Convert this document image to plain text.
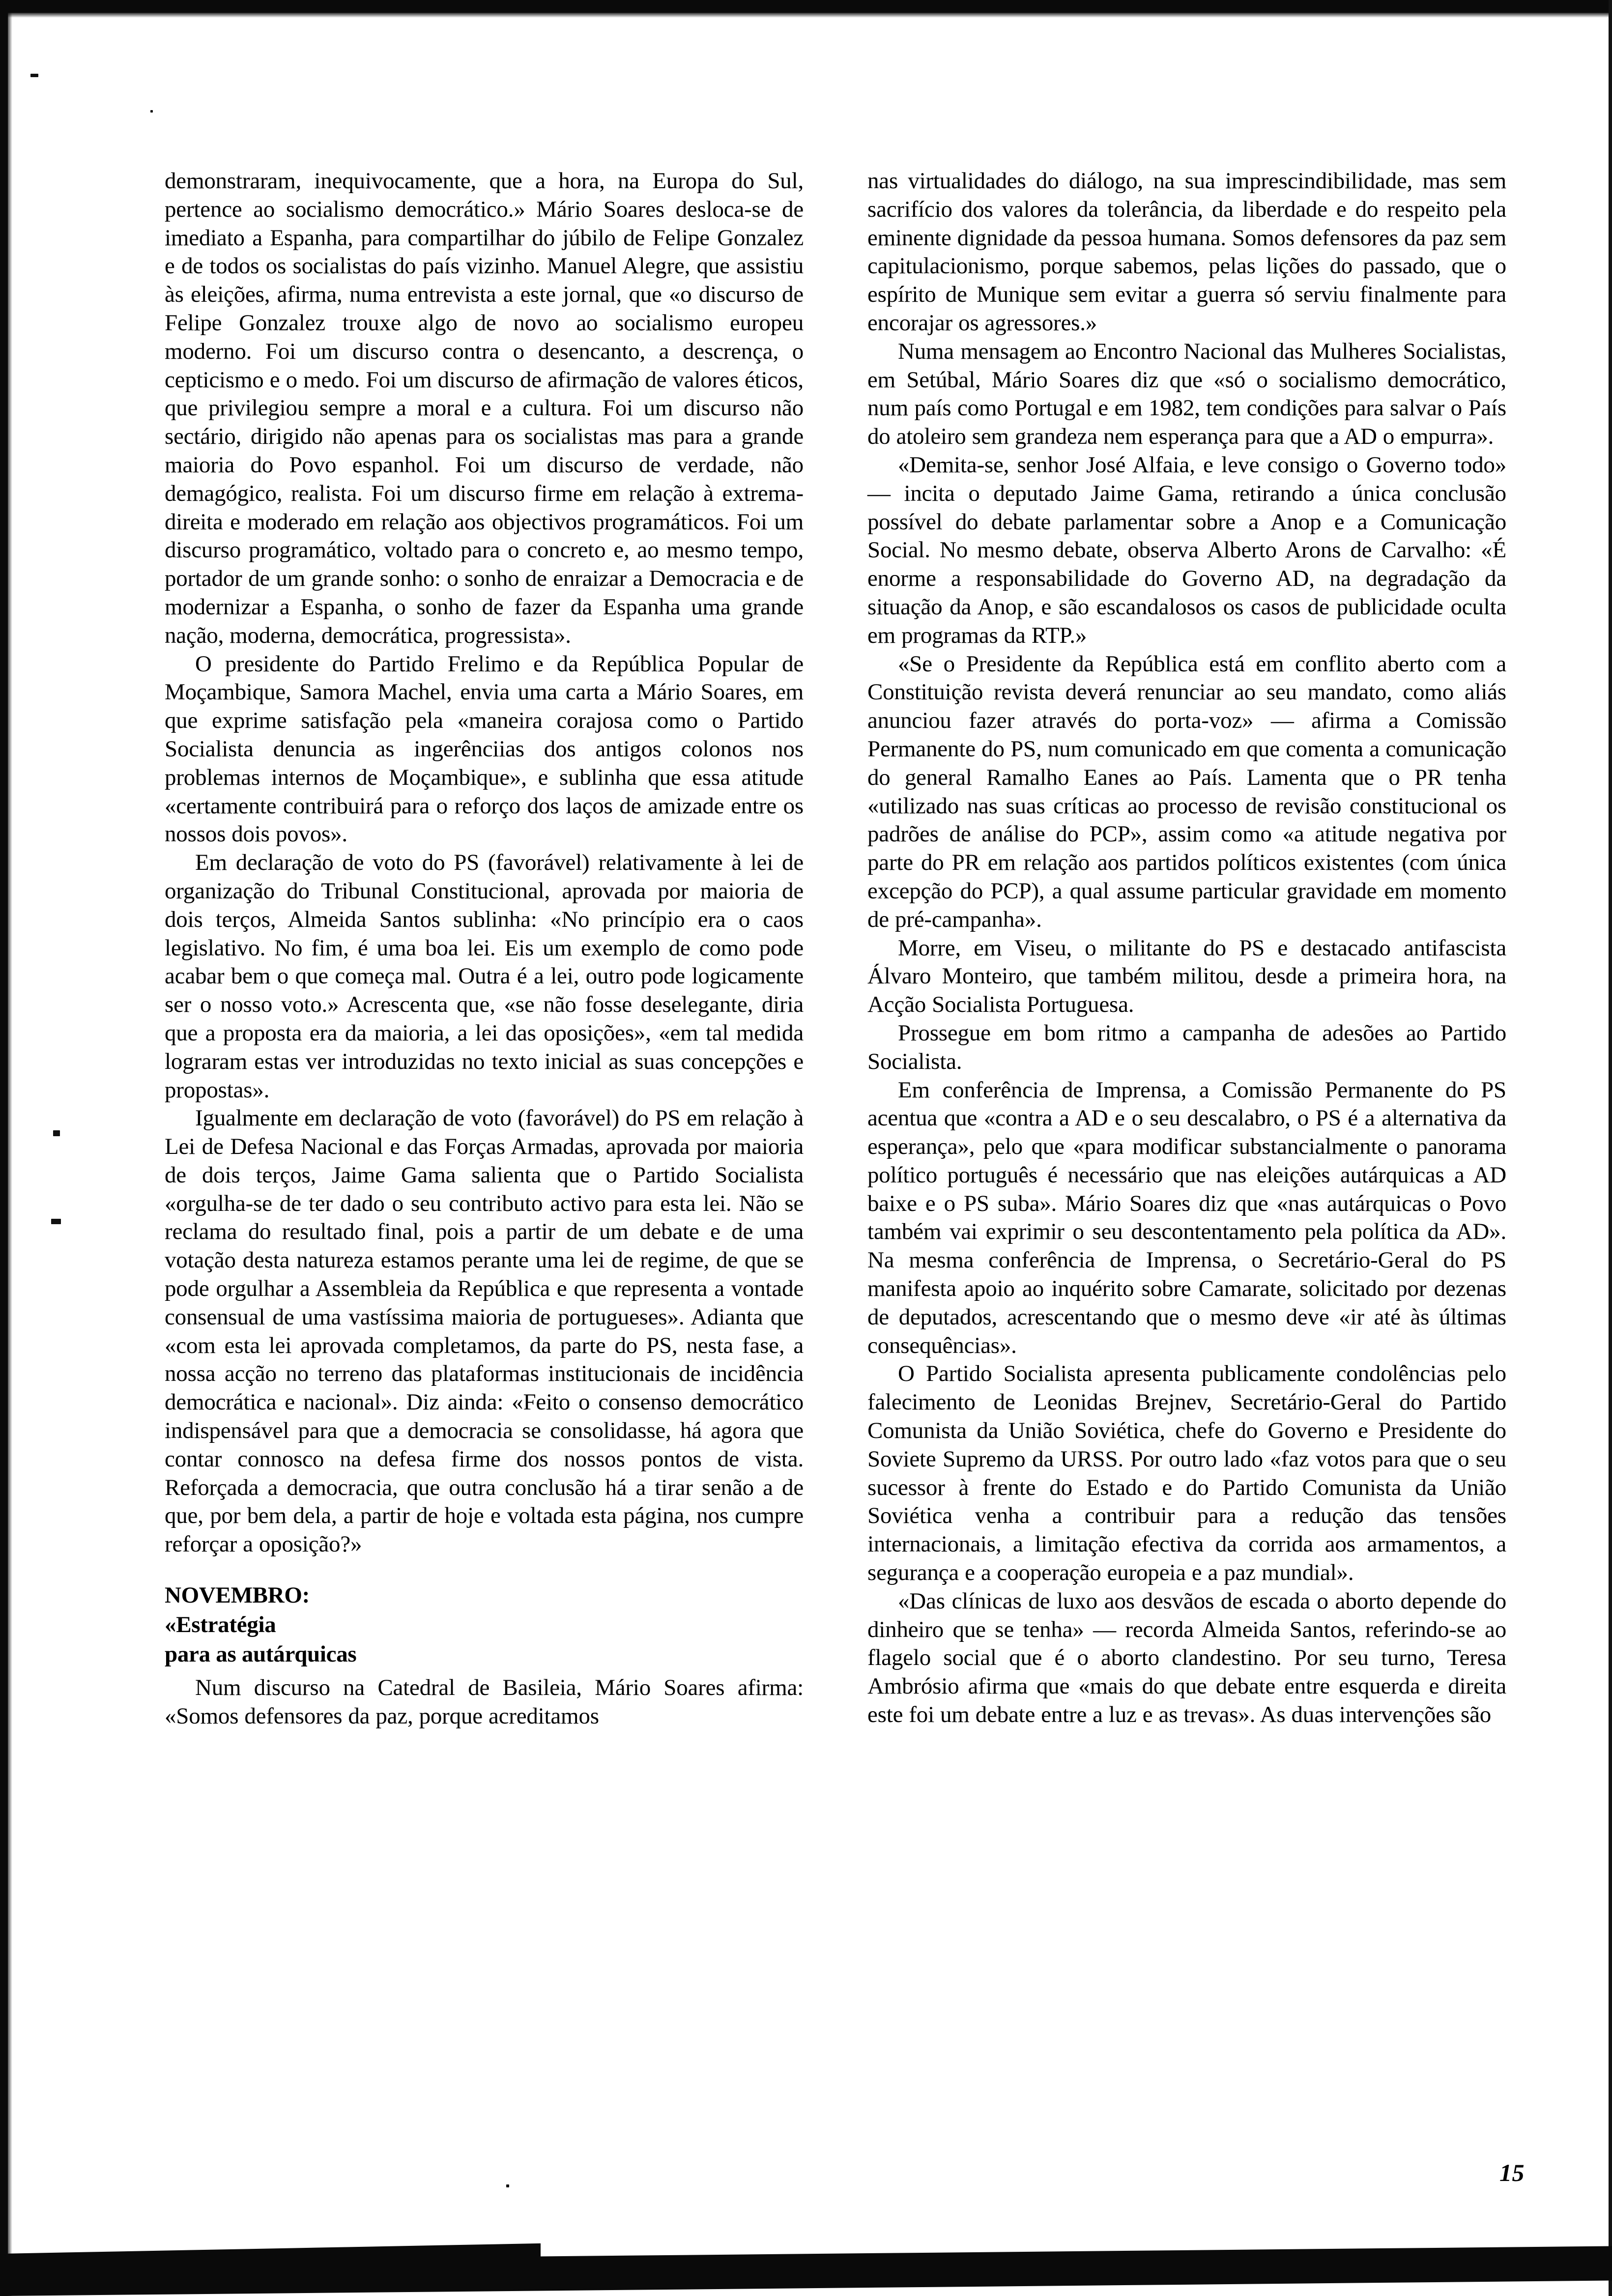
demonstraram, inequivocamente, que a hora, na Europa do Sul, pertence ao socialismo democrático.» Mário Soares desloca-se de imediato a Espanha, para compartilhar do júbilo de Felipe Gonzalez e de todos os socialistas do país vizinho. Manuel Alegre, que assistiu às eleições, afirma, numa entrevista a este jornal, que «o discurso de Felipe Gonzalez trouxe algo de novo ao socialismo europeu moderno. Foi um discurso contra o desencanto, a descrença, o cepticismo e o medo. Foi um discurso de afirmação de valores éticos, que privilegiou sempre a moral e a cultura. Foi um discurso não sectário, dirigido não apenas para os socialistas mas para a grande maioria do Povo espanhol. Foi um discurso de verdade, não demagógico, realista. Foi um discurso firme em relação à extrema-direita e moderado em relação aos objectivos programáticos. Foi um discurso programático, voltado para o concreto e, ao mesmo tempo, portador de um grande sonho: o sonho de enraizar a Democracia e de modernizar a Espanha, o sonho de fazer da Espanha uma grande nação, moderna, democrática, progressista».

O presidente do Partido Frelimo e da República Popular de Moçambique, Samora Machel, envia uma carta a Mário Soares, em que exprime satisfação pela «maneira corajosa como o Partido Socialista denuncia as ingerênciias dos antigos colonos nos problemas internos de Moçambique», e sublinha que essa atitude «certamente contribuirá para o reforço dos laços de amizade entre os nossos dois povos».

Em declaração de voto do PS (favorável) relativamente à lei de organização do Tribunal Constitucional, aprovada por maioria de dois terços, Almeida Santos sublinha: «No princípio era o caos legislativo. No fim, é uma boa lei. Eis um exemplo de como pode acabar bem o que começa mal. Outra é a lei, outro pode logicamente ser o nosso voto.» Acrescenta que, «se não fosse deselegante, diria que a proposta era da maioria, a lei das oposições», «em tal medida lograram estas ver introduzidas no texto inicial as suas concepções e propostas».

Igualmente em declaração de voto (favorável) do PS em relação à Lei de Defesa Nacional e das Forças Armadas, aprovada por maioria de dois terços, Jaime Gama salienta que o Partido Socialista «orgulha-se de ter dado o seu contributo activo para esta lei. Não se reclama do resultado final, pois a partir de um debate e de uma votação desta natureza estamos perante uma lei de regime, de que se pode orgulhar a Assembleia da República e que representa a vontade consensual de uma vastíssima maioria de portugueses». Adianta que «com esta lei aprovada completamos, da parte do PS, nesta fase, a nossa acção no terreno das plataformas institucionais de incidência democrática e nacional». Diz ainda: «Feito o consenso democrático indispensável para que a democracia se consolidasse, há agora que contar connosco na defesa firme dos nossos pontos de vista. Reforçada a democracia, que outra conclusão há a tirar senão a de que, por bem dela, a partir de hoje e voltada esta página, nos cumpre reforçar a oposição?»

NOVEMBRO:
«Estratégia
para as autárquicas

Num discurso na Catedral de Basileia, Mário Soares afirma: «Somos defensores da paz, porque acreditamos

nas virtualidades do diálogo, na sua imprescindibilidade, mas sem sacrifício dos valores da tolerância, da liberdade e do respeito pela eminente dignidade da pessoa humana. Somos defensores da paz sem capitulacionismo, porque sabemos, pelas lições do passado, que o espírito de Munique sem evitar a guerra só serviu finalmente para encorajar os agressores.»

Numa mensagem ao Encontro Nacional das Mulheres Socialistas, em Setúbal, Mário Soares diz que «só o socialismo democrático, num país como Portugal e em 1982, tem condições para salvar o País do atoleiro sem grandeza nem esperança para que a AD o empurra».

«Demita-se, senhor José Alfaia, e leve consigo o Governo todo» — incita o deputado Jaime Gama, retirando a única conclusão possível do debate parlamentar sobre a Anop e a Comunicação Social. No mesmo debate, observa Alberto Arons de Carvalho: «É enorme a responsabilidade do Governo AD, na degradação da situação da Anop, e são escandalosos os casos de publicidade oculta em programas da RTP.»

«Se o Presidente da República está em conflito aberto com a Constituição revista deverá renunciar ao seu mandato, como aliás anunciou fazer através do porta-voz» — afirma a Comissão Permanente do PS, num comunicado em que comenta a comunicação do general Ramalho Eanes ao País. Lamenta que o PR tenha «utilizado nas suas críticas ao processo de revisão constitucional os padrões de análise do PCP», assim como «a atitude negativa por parte do PR em relação aos partidos políticos existentes (com única excepção do PCP), a qual assume particular gravidade em momento de pré-campanha».

Morre, em Viseu, o militante do PS e destacado antifascista Álvaro Monteiro, que também militou, desde a primeira hora, na Acção Socialista Portuguesa.

Prossegue em bom ritmo a campanha de adesões ao Partido Socialista.

Em conferência de Imprensa, a Comissão Permanente do PS acentua que «contra a AD e o seu descalabro, o PS é a alternativa da esperança», pelo que «para modificar substancialmente o panorama político português é necessário que nas eleições autárquicas a AD baixe e o PS suba». Mário Soares diz que «nas autárquicas o Povo também vai exprimir o seu descontentamento pela política da AD». Na mesma conferência de Imprensa, o Secretário-Geral do PS manifesta apoio ao inquérito sobre Camarate, solicitado por dezenas de deputados, acrescentando que o mesmo deve «ir até às últimas consequências».

O Partido Socialista apresenta publicamente condolências pelo falecimento de Leonidas Brejnev, Secretário-Geral do Partido Comunista da União Soviética, chefe do Governo e Presidente do Soviete Supremo da URSS. Por outro lado «faz votos para que o seu sucessor à frente do Estado e do Partido Comunista da União Soviética venha a contribuir para a redução das tensões internacionais, a limitação efectiva da corrida aos armamentos, a segurança e a cooperação europeia e a paz mundial».

«Das clínicas de luxo aos desvãos de escada o aborto depende do dinheiro que se tenha» — recorda Almeida Santos, referindo-se ao flagelo social que é o aborto clandestino. Por seu turno, Teresa Ambrósio afirma que «mais do que debate entre esquerda e direita este foi um debate entre a luz e as trevas». As duas intervenções são

15
